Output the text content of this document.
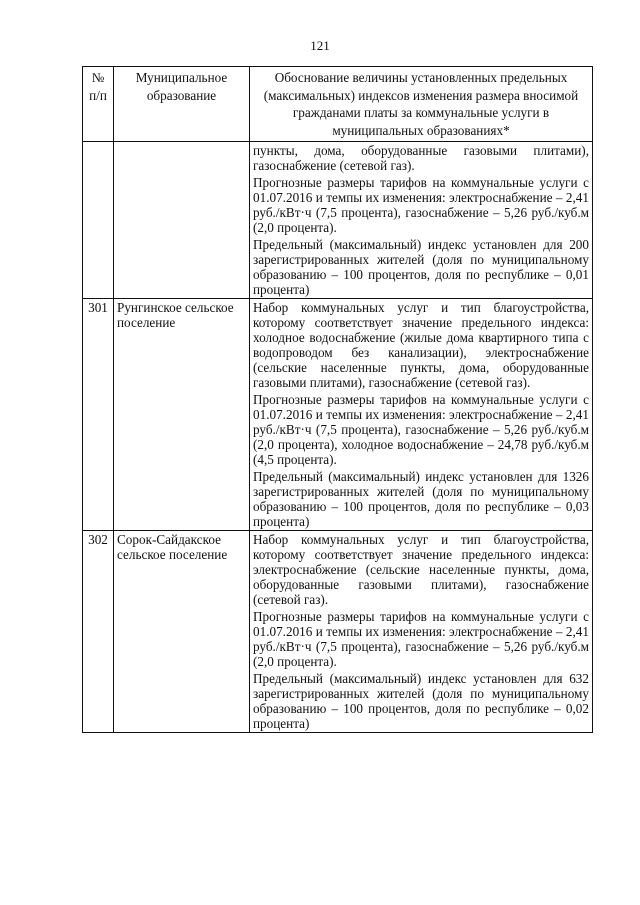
121
№ п/п	Муниципальное образование	Обоснование величины установленных предельных (максимальных) индексов изменения размера вносимой гражданами платы за коммунальные услуги в муниципальных образованиях*

		пункты, дома, оборудованные газовыми плитами), газоснабжение (сетевой газ).
Прогнозные размеры тарифов на коммунальные услуги с 01.07.2016 и темпы их изменения: электроснабжение – 2,41 руб./кВт·ч (7,5 процента), газоснабжение – 5,26 руб./куб.м (2,0 процента).
Предельный (максимальный) индекс установлен для 200 зарегистрированных жителей (доля по муниципальному образованию – 100 процентов, доля по республике – 0,01 процента)

301	Рунгинское сельское поселение	Набор коммунальных услуг и тип благоустройства, которому соответствует значение предельного индекса: холодное водоснабжение (жилые дома квартирного типа с водопроводом без канализации), электроснабжение (сельские населенные пункты, дома, оборудованные газовыми плитами), газоснабжение (сетевой газ).
Прогнозные размеры тарифов на коммунальные услуги с 01.07.2016 и темпы их изменения: электроснабжение – 2,41 руб./кВт·ч (7,5 процента), газоснабжение – 5,26 руб./куб.м (2,0 процента), холодное водоснабжение – 24,78 руб./куб.м (4,5 процента).
Предельный (максимальный) индекс установлен для 1326 зарегистрированных жителей (доля по муниципальному образованию – 100 процентов, доля по республике – 0,03 процента)

302	Сорок-Сайдакское сельское поселение	Набор коммунальных услуг и тип благоустройства, которому соответствует значение предельного индекса: электроснабжение (сельские населенные пункты, дома, оборудованные газовыми плитами), газоснабжение (сетевой газ).
Прогнозные размеры тарифов на коммунальные услуги с 01.07.2016 и темпы их изменения: электроснабжение – 2,41 руб./кВт·ч (7,5 процента), газоснабжение – 5,26 руб./куб.м (2,0 процента).
Предельный (максимальный) индекс установлен для 632 зарегистрированных жителей (доля по муниципальному образованию – 100 процентов, доля по республике – 0,02 процента)
